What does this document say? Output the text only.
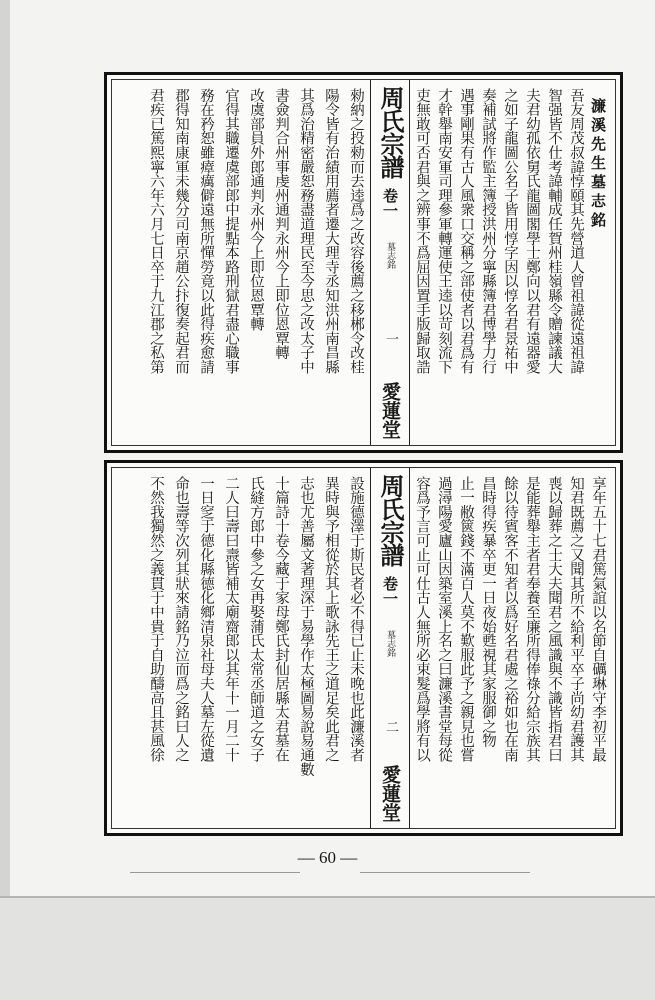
濂溪先生墓志銘
吾友周茂叔諱惇頤其先營道人曾祖諱從遠祖諱
智强皆不仕考諱輔成任賀州桂嶺縣令贈諫議大
夫君幼孤依舅氏龍圖閣學士鄭向以君有遠器愛
之如子龍圖公名子皆用惇字因以惇名君景祐中
奏補試將作監主簿授洪州分寧縣簿君博學力行
遇事剛果有古人風衆口交稱之部使者以君爲有
才幹舉南安軍司理參軍轉運使王逵以苛刻流下
吏無敢可否君與之辨事不爲屈因置手版歸取誥
周氏宗譜
卷一
墓志銘
一
愛蓮堂
勑納之投勑而去逵爲之改容後薦之移郴令改桂
陽令皆有治績用薦者遷大理寺丞知洪州南昌縣
其爲治精密嚴恕務盡道理民至今思之改太子中
書僉判合州事虔州通判永州今上即位恩覃轉
改虞部員外郎通判永州今上即位恩覃轉
官得其職遷虞部郎中提點本路刑獄君盡心職事
務在矜恕雖瘴癘僻遠無所憚勞竟以此得疾愈請
郡得知南康軍未幾分司南京趙公抃復奏起君而
君疾已篤熙寧六年六月七日卒于九江郡之私第
享年五十七君篤氣誼以名節自礪琳守李初平最
知君既薦之又聞其所不給利平卒子尚幼君護其
喪以歸葬之士大夫聞君之風識與不識皆指君曰
是能葬舉主者君奉養至廉所得俸祿分給宗族其
餘以待賓客不知者以爲好名君處之裕如也在南
昌時得疾暴卒更一日夜始甦視其家服御之物
止一敝篋錢不滿百人莫不歎服此予之親見也嘗
過潯陽愛廬山因築室溪上名之曰濂溪書堂每從
容爲予言可止可仕古人無所必束髮爲學將有以
周氏宗譜
卷一
墓志銘
二
愛蓮堂
設施德澤于斯民者必不得已止未晚也此濂溪者
異時與予相從於其上歌詠先王之道足矣此君之
志也尤善屬文著理深于易學作太極圖易說易通數
十篇詩十卷今藏于家母鄭氏封仙居縣太君墓在
氏縫方郎中參之女再娶蒲氏太常丞師道之女子
二人曰壽曰燾皆補太廟齋郎以其年十一月二十
一日窆于德化縣德化鄉清泉社母夫人墓左從遺
命也壽等次列其狀來請銘乃泣而爲之銘曰人之
不然我獨然之義貫于中貴于自助醻高且甚風徐
— 60 —
